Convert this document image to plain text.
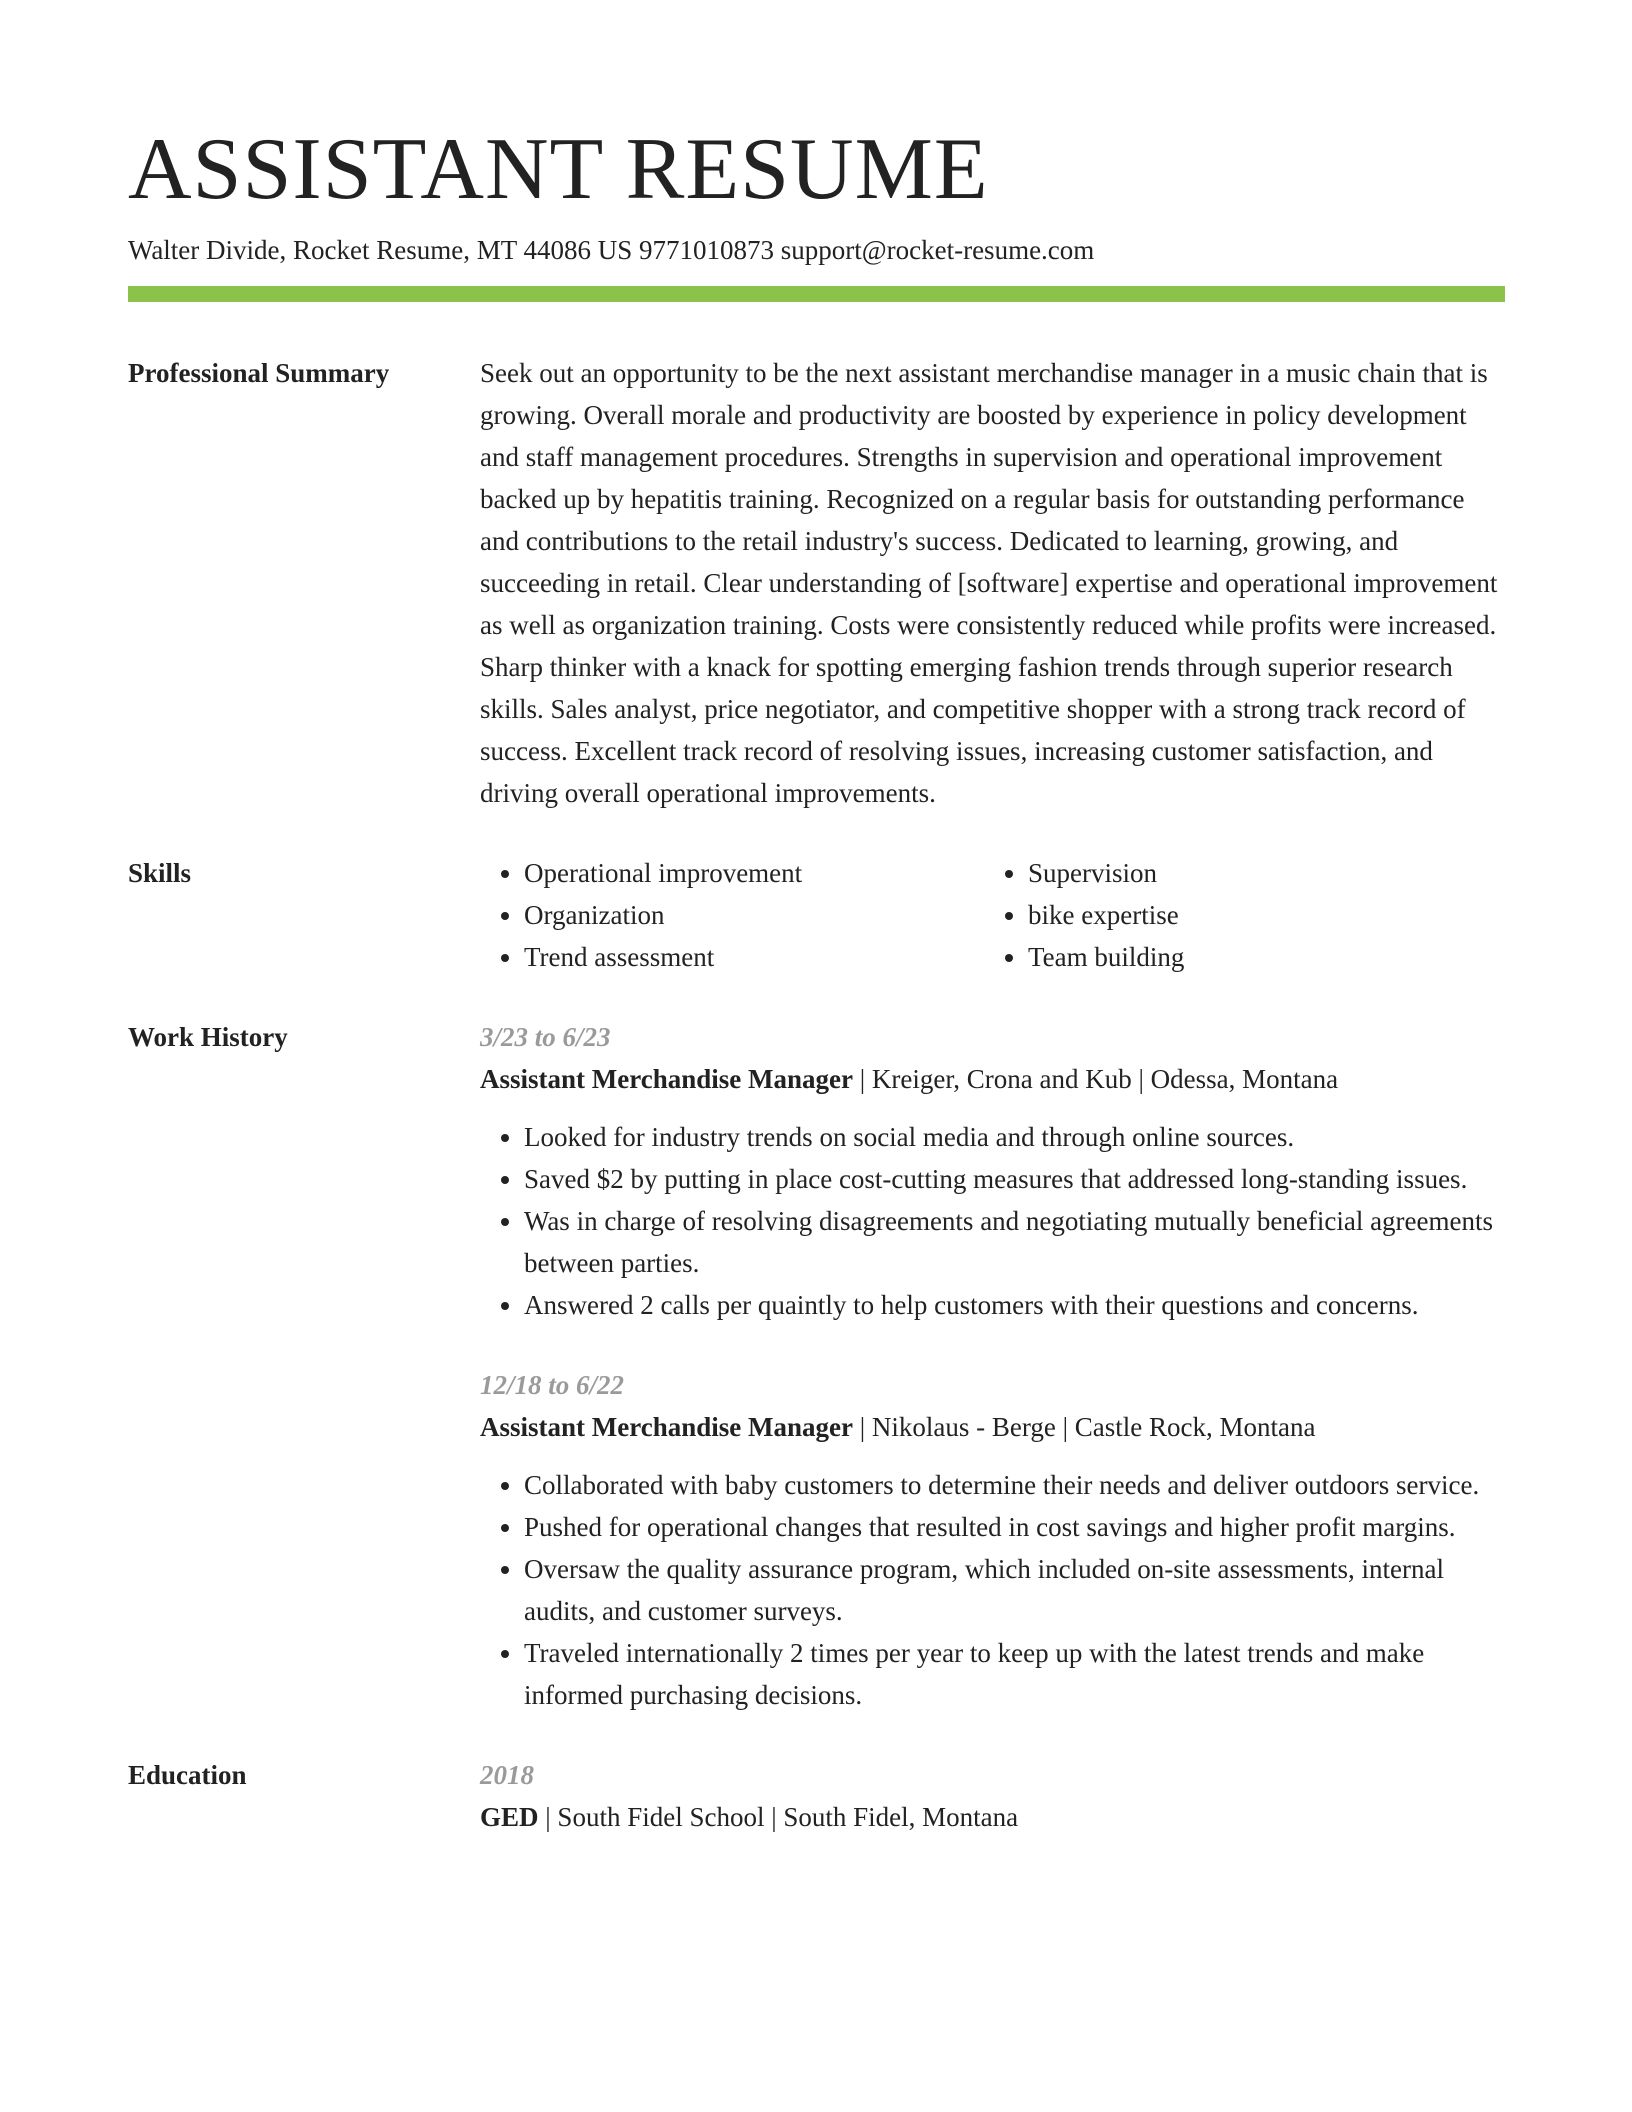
ASSISTANT RESUME
Walter Divide, Rocket Resume, MT 44086 US 9771010873 support@rocket-resume.com
Professional Summary	Seek out an opportunity to be the next assistant merchandise manager in a music chain that is growing. Overall morale and productivity are boosted by experience in policy development and staff management procedures. Strengths in supervision and operational improvement backed up by hepatitis training. Recognized on a regular basis for outstanding performance and contributions to the retail industry's success. Dedicated to learning, growing, and succeeding in retail. Clear understanding of [software] expertise and operational improvement as well as organization training. Costs were consistently reduced while profits were increased. Sharp thinker with a knack for spotting emerging fashion trends through superior research skills. Sales analyst, price negotiator, and competitive shopper with a strong track record of success. Excellent track record of resolving issues, increasing customer satisfaction, and driving overall operational improvements.
Skills	• Operational improvement
• Organization
• Trend assessment
• Supervision
• bike expertise
• Team building
Work History	3/23 to 6/23
Assistant Merchandise Manager | Kreiger, Crona and Kub | Odessa, Montana
• Looked for industry trends on social media and through online sources.
• Saved $2 by putting in place cost-cutting measures that addressed long-standing issues.
• Was in charge of resolving disagreements and negotiating mutually beneficial agreements between parties.
• Answered 2 calls per quaintly to help customers with their questions and concerns.
12/18 to 6/22
Assistant Merchandise Manager | Nikolaus - Berge | Castle Rock, Montana
• Collaborated with baby customers to determine their needs and deliver outdoors service.
• Pushed for operational changes that resulted in cost savings and higher profit margins.
• Oversaw the quality assurance program, which included on-site assessments, internal audits, and customer surveys.
• Traveled internationally 2 times per year to keep up with the latest trends and make informed purchasing decisions.
Education	2018
GED | South Fidel School | South Fidel, Montana
